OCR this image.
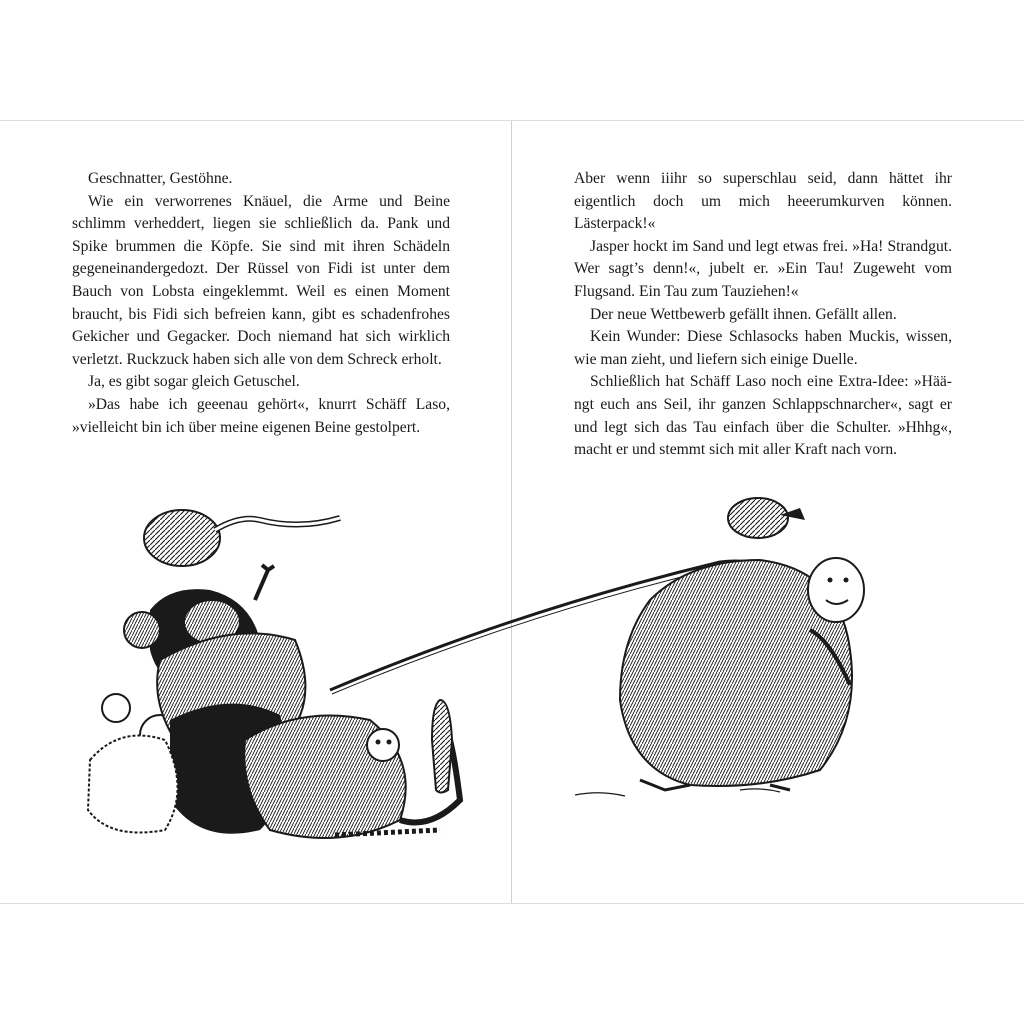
Geschnatter, Gestöhne.

Wie ein verworrenes Knäuel, die Arme und Beine schlimm verheddert, liegen sie schließlich da. Pank und Spike brummen die Köpfe. Sie sind mit ihren Schädeln gegeneinandergedozt. Der Rüssel von Fidi ist unter dem Bauch von Lobsta eingeklemmt. Weil es einen Moment braucht, bis Fidi sich befreien kann, gibt es schadenfrohes Gekicher und Gegacker. Doch niemand hat sich wirklich verletzt. Ruckzuck haben sich alle von dem Schreck erholt.

Ja, es gibt sogar gleich Getuschel.

»Das habe ich geeenau gehört«, knurrt Schäff Laso, »vielleicht bin ich über meine eigenen Beine gestolpert.

Aber wenn iiihr so superschlau seid, dann hättet ihr eigentlich doch um mich heeerumkurven können. Lästerpack!«

Jasper hockt im Sand und legt etwas frei. »Ha! Strandgut. Wer sagt’s denn!«, jubelt er. »Ein Tau! Zugeweht vom Flugsand. Ein Tau zum Tauziehen!«

Der neue Wettbewerb gefällt ihnen. Gefällt allen.

Kein Wunder: Diese Schlasocks haben Muckis, wissen, wie man zieht, und liefern sich einige Duelle.

Schließlich hat Schäff Laso noch eine Extra-Idee: »Häängt euch ans Seil, ihr ganzen Schlappschnarcher«, sagt er und legt sich das Tau einfach über die Schulter. »Hhhg«, macht er und stemmt sich mit aller Kraft nach vorn.
